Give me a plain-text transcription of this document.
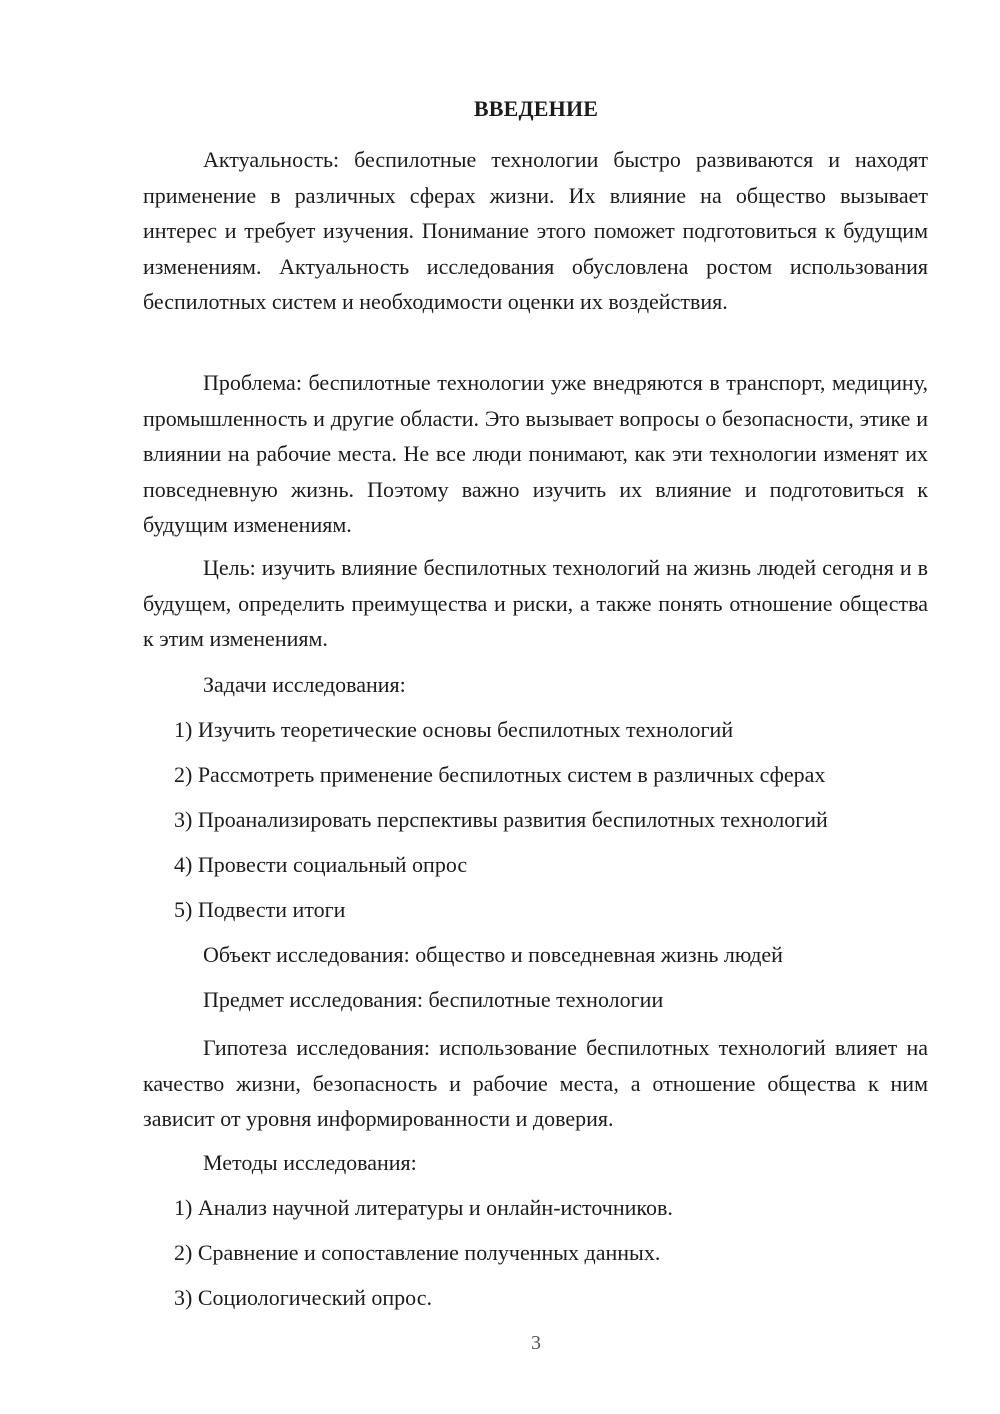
ВВЕДЕНИЕ

Актуальность: беспилотные технологии быстро развиваются и находят применение в различных сферах жизни. Их влияние на общество вызывает интерес и требует изучения. Понимание этого поможет подготовиться к будущим изменениям. Актуальность исследования обусловлена ростом использования беспилотных систем и необходимости оценки их воздействия.

Проблема: беспилотные технологии уже внедряются в транспорт, медицину, промышленность и другие области. Это вызывает вопросы о безопасности, этике и влиянии на рабочие места. Не все люди понимают, как эти технологии изменят их повседневную жизнь. Поэтому важно изучить их влияние и подготовиться к будущим изменениям.

Цель: изучить влияние беспилотных технологий на жизнь людей сегодня и в будущем, определить преимущества и риски, а также понять отношение общества к этим изменениям.

Задачи исследования:

1) Изучить теоретические основы беспилотных технологий

2) Рассмотреть применение беспилотных систем в различных сферах

3) Проанализировать перспективы развития беспилотных технологий

4) Провести социальный опрос

5) Подвести итоги

Объект исследования: общество и повседневная жизнь людей

Предмет исследования: беспилотные технологии

Гипотеза исследования: использование беспилотных технологий влияет на качество жизни, безопасность и рабочие места, а отношение общества к ним зависит от уровня информированности и доверия.

Методы исследования:

1) Анализ научной литературы и онлайн-источников.

2) Сравнение и сопоставление полученных данных.

3) Социологический опрос.

3
